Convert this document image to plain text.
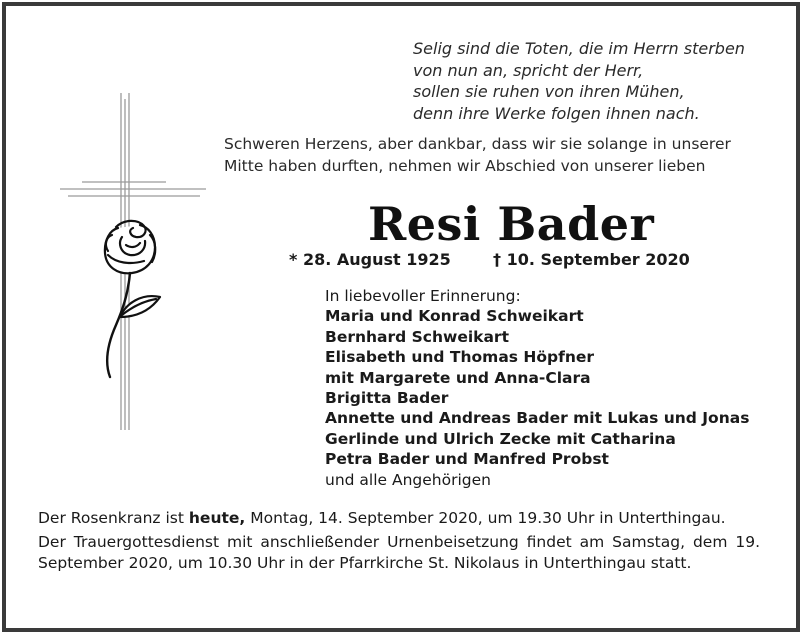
Selig sind die Toten, die im Herrn sterben
von nun an, spricht der Herr,
sollen sie ruhen von ihren Mühen,
denn ihre Werke folgen ihnen nach.
Schweren Herzens, aber dankbar, dass wir sie solange in unserer
Mitte haben durften, nehmen wir Abschied von unserer lieben
Resi Bader
* 28. August 1925	† 10. September 2020
In liebevoller Erinnerung:
Maria und Konrad Schweikart
Bernhard Schweikart
Elisabeth und Thomas Höpfner
mit Margarete und Anna-Clara
Brigitta Bader
Annette und Andreas Bader mit Lukas und Jonas
Gerlinde und Ulrich Zecke mit Catharina
Petra Bader und Manfred Probst
und alle Angehörigen

Der Rosenkranz ist heute, Montag, 14. September 2020, um 19.30 Uhr in Unterthingau.

Der Trauergottesdienst mit anschließender Urnenbeisetzung findet am Samstag, dem 19. September 2020, um 10.30 Uhr in der Pfarrkirche St. Nikolaus in Unterthingau statt.
